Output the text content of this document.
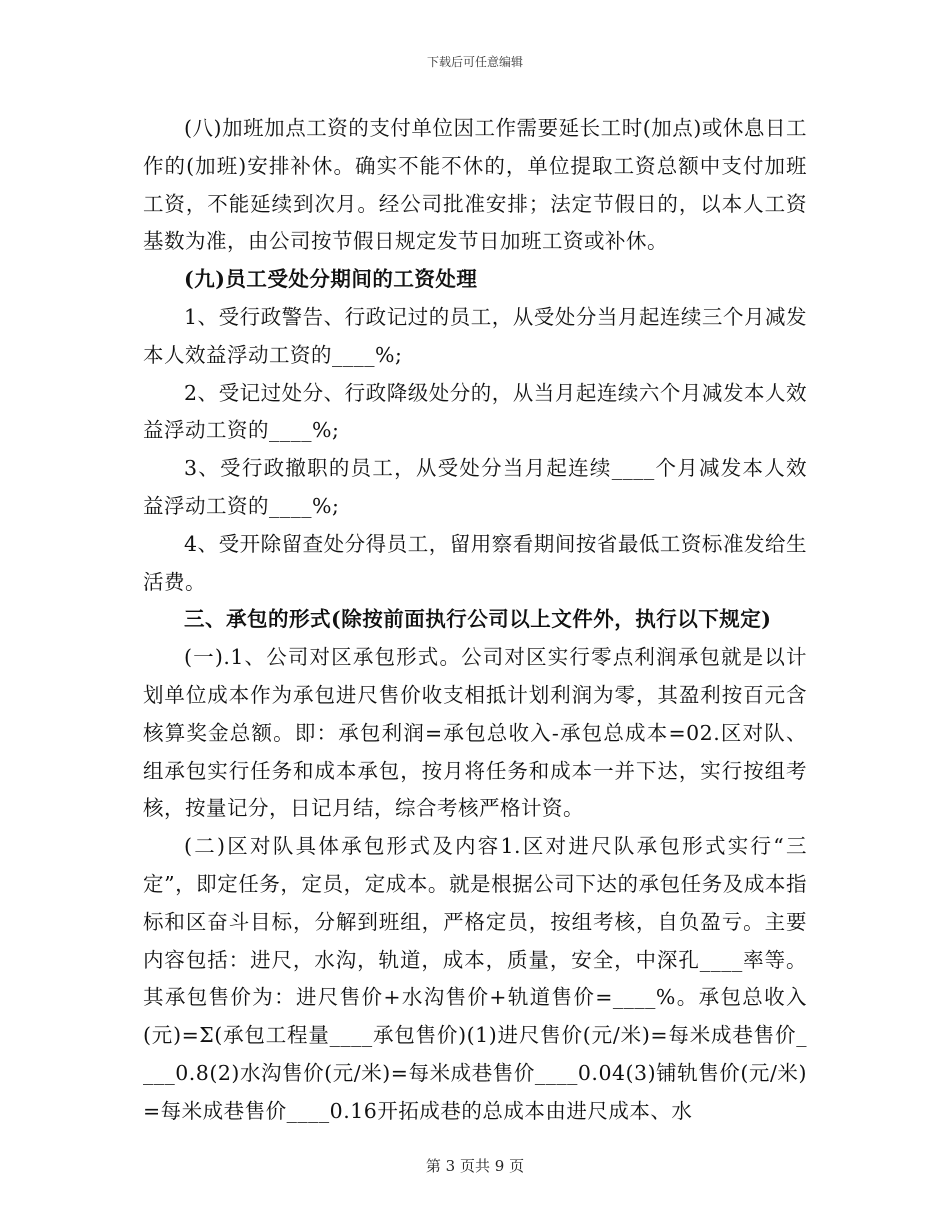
下载后可任意编辑

(八)加班加点工资的支付单位因工作需要延长工时(加点)或休息日工作的(加班)安排补休。确实不能不休的，单位提取工资总额中支付加班工资，不能延续到次月。经公司批准安排；法定节假日的，以本人工资基数为准，由公司按节假日规定发节日加班工资或补休。

(九)员工受处分期间的工资处理

1、受行政警告、行政记过的员工，从受处分当月起连续三个月减发本人效益浮动工资的____%;

2、受记过处分、行政降级处分的，从当月起连续六个月减发本人效益浮动工资的____%;

3、受行政撤职的员工，从受处分当月起连续____个月减发本人效益浮动工资的____%;

4、受开除留查处分得员工，留用察看期间按省最低工资标准发给生活费。

三、承包的形式(除按前面执行公司以上文件外，执行以下规定)

(一).1、公司对区承包形式。公司对区实行零点利润承包就是以计划单位成本作为承包进尺售价收支相抵计划利润为零，其盈利按百元含核算奖金总额。即：承包利润=承包总收入-承包总成本=02.区对队、组承包实行任务和成本承包，按月将任务和成本一并下达，实行按组考核，按量记分，日记月结，综合考核严格计资。

(二)区对队具体承包形式及内容1.区对进尺队承包形式实行“三定”，即定任务，定员，定成本。就是根据公司下达的承包任务及成本指标和区奋斗目标，分解到班组，严格定员，按组考核，自负盈亏。主要内容包括：进尺，水沟，轨道，成本，质量，安全，中深孔____率等。其承包售价为：进尺售价+水沟售价+轨道售价=____%。承包总收入(元)=Σ(承包工程量____承包售价)(1)进尺售价(元/米)=每米成巷售价____0.8(2)水沟售价(元/米)=每米成巷售价____0.04(3)铺轨售价(元/米)=每米成巷售价____0.16开拓成巷的总成本由进尺成本、水

第 3 页共 9 页
